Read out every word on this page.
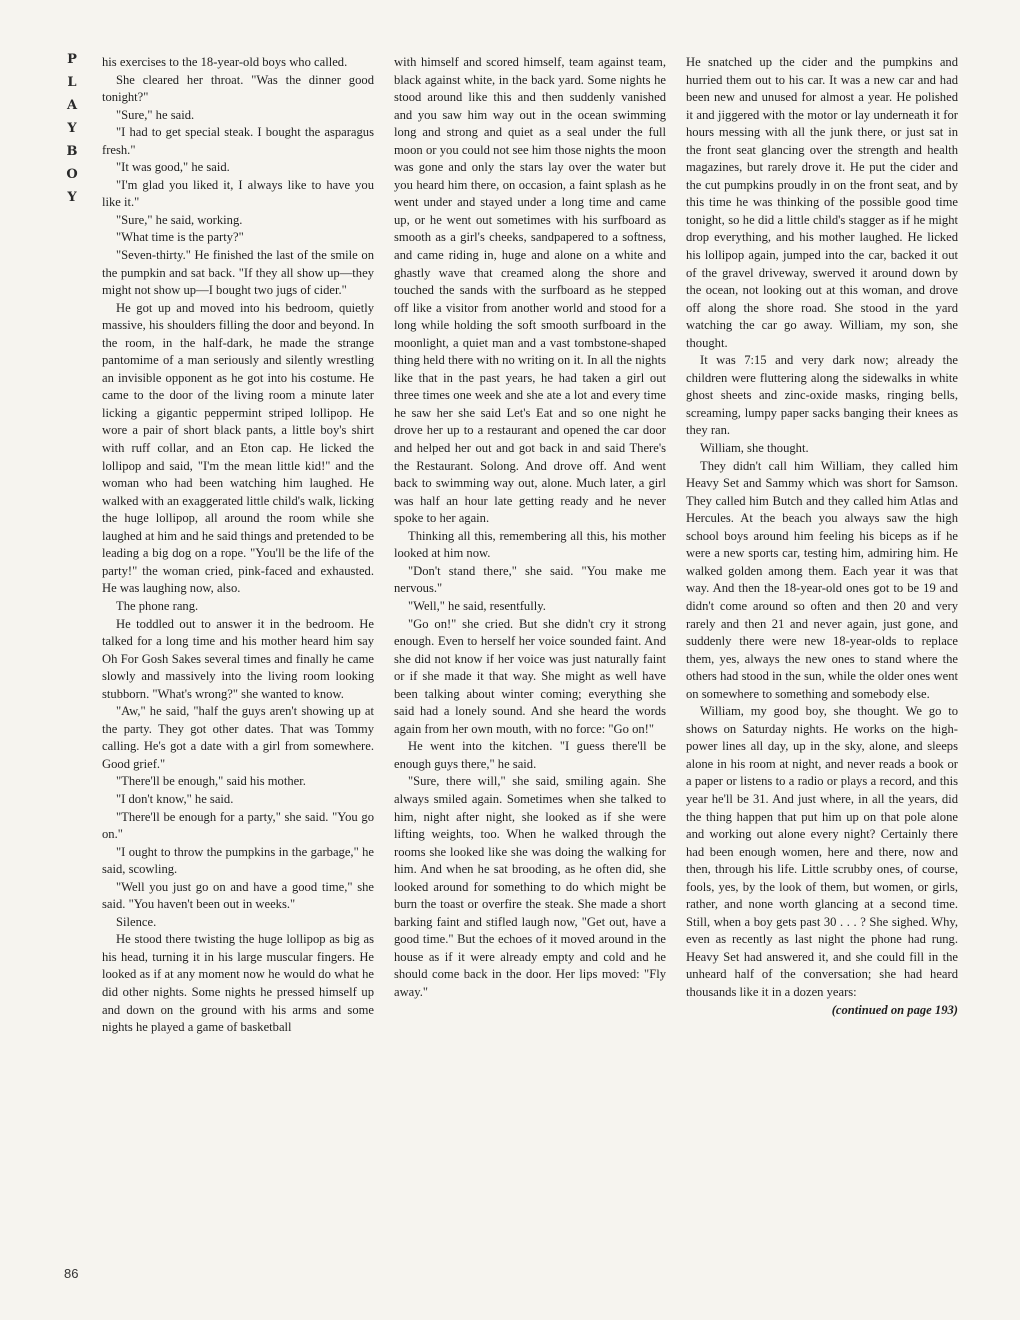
P
L
A
Y
B
O
Y
86

his exercises to the 18-year-old boys who called.

She cleared her throat. "Was the dinner good tonight?"

"Sure," he said.

"I had to get special steak. I bought the asparagus fresh."

"It was good," he said.

"I'm glad you liked it, I always like to have you like it."

"Sure," he said, working.

"What time is the party?"

"Seven-thirty." He finished the last of the smile on the pumpkin and sat back. "If they all show up—they might not show up—I bought two jugs of cider."

He got up and moved into his bedroom, quietly massive, his shoulders filling the door and beyond. In the room, in the half-dark, he made the strange pantomime of a man seriously and silently wrestling an invisible opponent as he got into his costume. He came to the door of the living room a minute later licking a gigantic peppermint striped lollipop. He wore a pair of short black pants, a little boy's shirt with ruff collar, and an Eton cap. He licked the lollipop and said, "I'm the mean little kid!" and the woman who had been watching him laughed. He walked with an exaggerated little child's walk, licking the huge lollipop, all around the room while she laughed at him and he said things and pretended to be leading a big dog on a rope. "You'll be the life of the party!" the woman cried, pink-faced and exhausted. He was laughing now, also.

The phone rang.

He toddled out to answer it in the bedroom. He talked for a long time and his mother heard him say Oh For Gosh Sakes several times and finally he came slowly and massively into the living room looking stubborn. "What's wrong?" she wanted to know.

"Aw," he said, "half the guys aren't showing up at the party. They got other dates. That was Tommy calling. He's got a date with a girl from somewhere. Good grief."

"There'll be enough," said his mother.

"I don't know," he said.

"There'll be enough for a party," she said. "You go on."

"I ought to throw the pumpkins in the garbage," he said, scowling.

"Well you just go on and have a good time," she said. "You haven't been out in weeks."

Silence.

He stood there twisting the huge lollipop as big as his head, turning it in his large muscular fingers. He looked as if at any moment now he would do what he did other nights. Some nights he pressed himself up and down on the ground with his arms and some nights he played a game of basketball

with himself and scored himself, team against team, black against white, in the back yard. Some nights he stood around like this and then suddenly vanished and you saw him way out in the ocean swimming long and strong and quiet as a seal under the full moon or you could not see him those nights the moon was gone and only the stars lay over the water but you heard him there, on occasion, a faint splash as he went under and stayed under a long time and came up, or he went out sometimes with his surfboard as smooth as a girl's cheeks, sandpapered to a softness, and came riding in, huge and alone on a white and ghastly wave that creamed along the shore and touched the sands with the surfboard as he stepped off like a visitor from another world and stood for a long while holding the soft smooth surfboard in the moonlight, a quiet man and a vast tombstone-shaped thing held there with no writing on it. In all the nights like that in the past years, he had taken a girl out three times one week and she ate a lot and every time he saw her she said Let's Eat and so one night he drove her up to a restaurant and opened the car door and helped her out and got back in and said There's the Restaurant. Solong. And drove off. And went back to swimming way out, alone. Much later, a girl was half an hour late getting ready and he never spoke to her again.

Thinking all this, remembering all this, his mother looked at him now.

"Don't stand there," she said. "You make me nervous."

"Well," he said, resentfully.

"Go on!" she cried. But she didn't cry it strong enough. Even to herself her voice sounded faint. And she did not know if her voice was just naturally faint or if she made it that way. She might as well have been talking about winter coming; everything she said had a lonely sound. And she heard the words again from her own mouth, with no force: "Go on!"

He went into the kitchen. "I guess there'll be enough guys there," he said.

"Sure, there will," she said, smiling again. She always smiled again. Sometimes when she talked to him, night after night, she looked as if she were lifting weights, too. When he walked through the rooms she looked like she was doing the walking for him. And when he sat brooding, as he often did, she looked around for something to do which might be burn the toast or overfire the steak. She made a short barking faint and stifled laugh now, "Get out, have a good time." But the echoes of it moved around in the house as if it were already empty and cold and he should come back in the door. Her lips moved: "Fly away."

He snatched up the cider and the pumpkins and hurried them out to his car. It was a new car and had been new and unused for almost a year. He polished it and jiggered with the motor or lay underneath it for hours messing with all the junk there, or just sat in the front seat glancing over the strength and health magazines, but rarely drove it. He put the cider and the cut pumpkins proudly in on the front seat, and by this time he was thinking of the possible good time tonight, so he did a little child's stagger as if he might drop everything, and his mother laughed. He licked his lollipop again, jumped into the car, backed it out of the gravel driveway, swerved it around down by the ocean, not looking out at this woman, and drove off along the shore road. She stood in the yard watching the car go away. William, my son, she thought.

It was 7:15 and very dark now; already the children were fluttering along the sidewalks in white ghost sheets and zinc-oxide masks, ringing bells, screaming, lumpy paper sacks banging their knees as they ran.

William, she thought.

They didn't call him William, they called him Heavy Set and Sammy which was short for Samson. They called him Butch and they called him Atlas and Hercules. At the beach you always saw the high school boys around him feeling his biceps as if he were a new sports car, testing him, admiring him. He walked golden among them. Each year it was that way. And then the 18-year-old ones got to be 19 and didn't come around so often and then 20 and very rarely and then 21 and never again, just gone, and suddenly there were new 18-year-olds to replace them, yes, always the new ones to stand where the others had stood in the sun, while the older ones went on somewhere to something and somebody else.

William, my good boy, she thought. We go to shows on Saturday nights. He works on the high-power lines all day, up in the sky, alone, and sleeps alone in his room at night, and never reads a book or a paper or listens to a radio or plays a record, and this year he'll be 31. And just where, in all the years, did the thing happen that put him up on that pole alone and working out alone every night? Certainly there had been enough women, here and there, now and then, through his life. Little scrubby ones, of course, fools, yes, by the look of them, but women, or girls, rather, and none worth glancing at a second time. Still, when a boy gets past 30 . . . ? She sighed. Why, even as recently as last night the phone had rung. Heavy Set had answered it, and she could fill in the unheard half of the conversation; she had heard thousands like it in a dozen years:

(continued on page 193)
